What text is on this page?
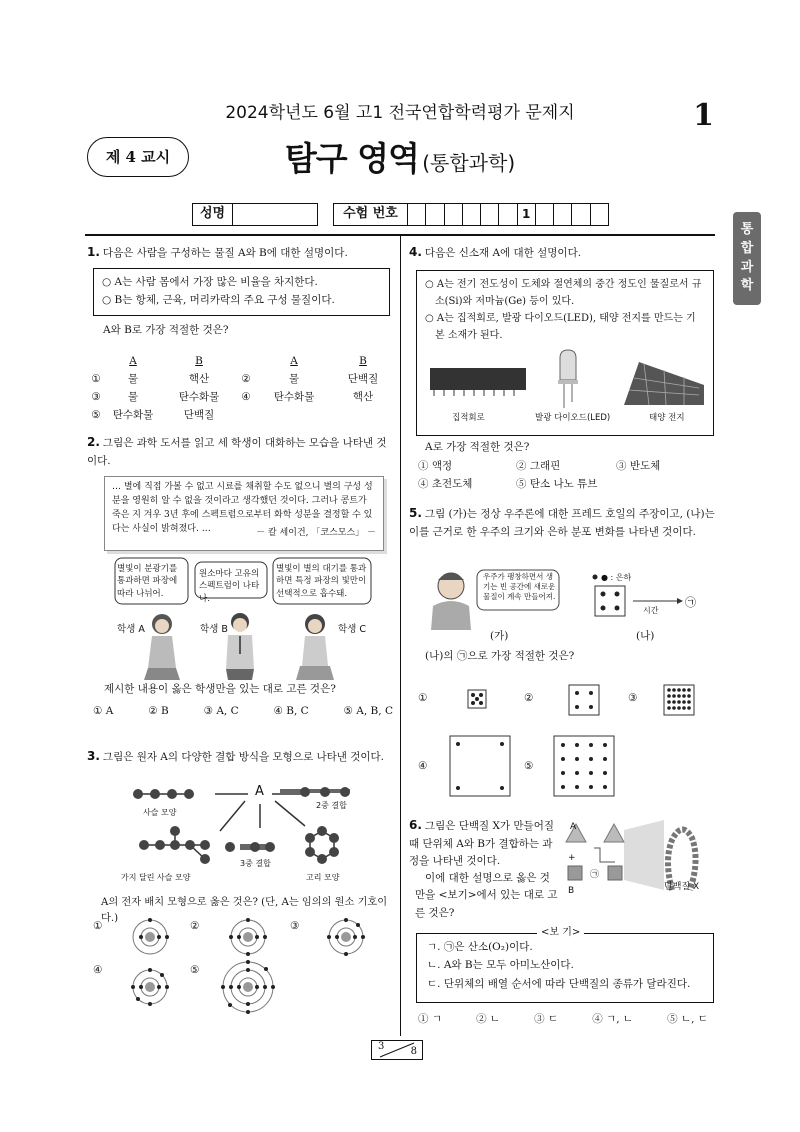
2024학년도 6월 고1 전국연합학력평가 문제지	1
제 4 교시	탐구 영역 (통합과학)
성명	수험 번호	1
통
합
과
학
1. 다음은 사람을 구성하는 물질 A와 B에 대한 설명이다.
○ A는 사람 몸에서 가장 많은 비율을 차지한다.
○ B는 항체, 근육, 머리카락의 주요 구성 물질이다.
A와 B로 가장 적절한 것은?
A	B	A	B
①	물	핵산	②	물	단백질
③	물	탄수화물	④	탄수화물	핵산
⑤	탄수화물	단백질
2. 그림은 과학 도서를 읽고 세 학생이 대화하는 모습을 나타낸 것이다.
… 별에 직접 가볼 수 없고 시료를 채취할 수도 없으니 별의 구성 성분을 영원히 알 수 없을 것이라고 생각했던 것이다. 그러나 콩트가 죽은 지 겨우 3년 후에 스펙트럼으로부터 화학 성분을 결정할 수 있다는 사실이 밝혀졌다. …	－ 칼 세이건, 「코스모스」 －
별빛이 분광기를 통과하면 파장에 따라 나뉘어.
원소마다 고유의 스펙트럼이 나타나.
별빛이 별의 대기를 통과하면 특정 파장의 빛만이 선택적으로 흡수돼.
학생 A	학생 B	학생 C
제시한 내용이 옳은 학생만을 있는 대로 고른 것은?
① A	② B	③ A, C	④ B, C	⑤ A, B, C
3. 그림은 원자 A의 다양한 결합 방식을 모형으로 나타낸 것이다.
A
사슬 모양
2중 결합
3중 결합
가지 달린 사슬 모양	고리 모양
A의 전자 배치 모형으로 옳은 것은? (단, A는 임의의 원소 기호이다.)
①	②	③
④	⑤
4. 다음은 신소재 A에 대한 설명이다.
○ A는 전기 전도성이 도체와 절연체의 중간 정도인 물질로서 규소(Si)와 저마늄(Ge) 등이 있다.
○ A는 집적회로, 발광 다이오드(LED), 태양 전지를 만드는 기본 소재가 된다.
집적회로	발광 다이오드(LED)	태양 전지
A로 가장 적절한 것은?
① 액정	② 그래핀	③ 반도체
④ 초전도체	⑤ 탄소 나노 튜브
5. 그림 (가)는 정상 우주론에 대한 프레드 호일의 주장이고, (나)는 이를 근거로 한 우주의 크기와 은하 분포 변화를 나타낸 것이다.
우주가 팽창하면서 생기는 빈 공간에 새로운 물질이 계속 만들어져.
● : 은하
시간
㉠
(가)	(나)
(나)의 ㉠으로 가장 적절한 것은?
①	②	③
④	⑤
6. 그림은 단백질 X가 만들어질 때 단위체 A와 B가 결합하는 과정을 나타낸 것이다.
이에 대한 설명으로 옳은 것만을 <보기>에서 있는 대로 고른 것은?
A
B
+
㉠
단백질 X
ㄱ. ㉠은 산소(O₂)이다.
ㄴ. A와 B는 모두 아미노산이다.
ㄷ. 단위체의 배열 순서에 따라 단백질의 종류가 달라진다.
<보 기>
① ㄱ	② ㄴ	③ ㄷ	④ ㄱ, ㄴ	⑤ ㄴ, ㄷ
3	8
